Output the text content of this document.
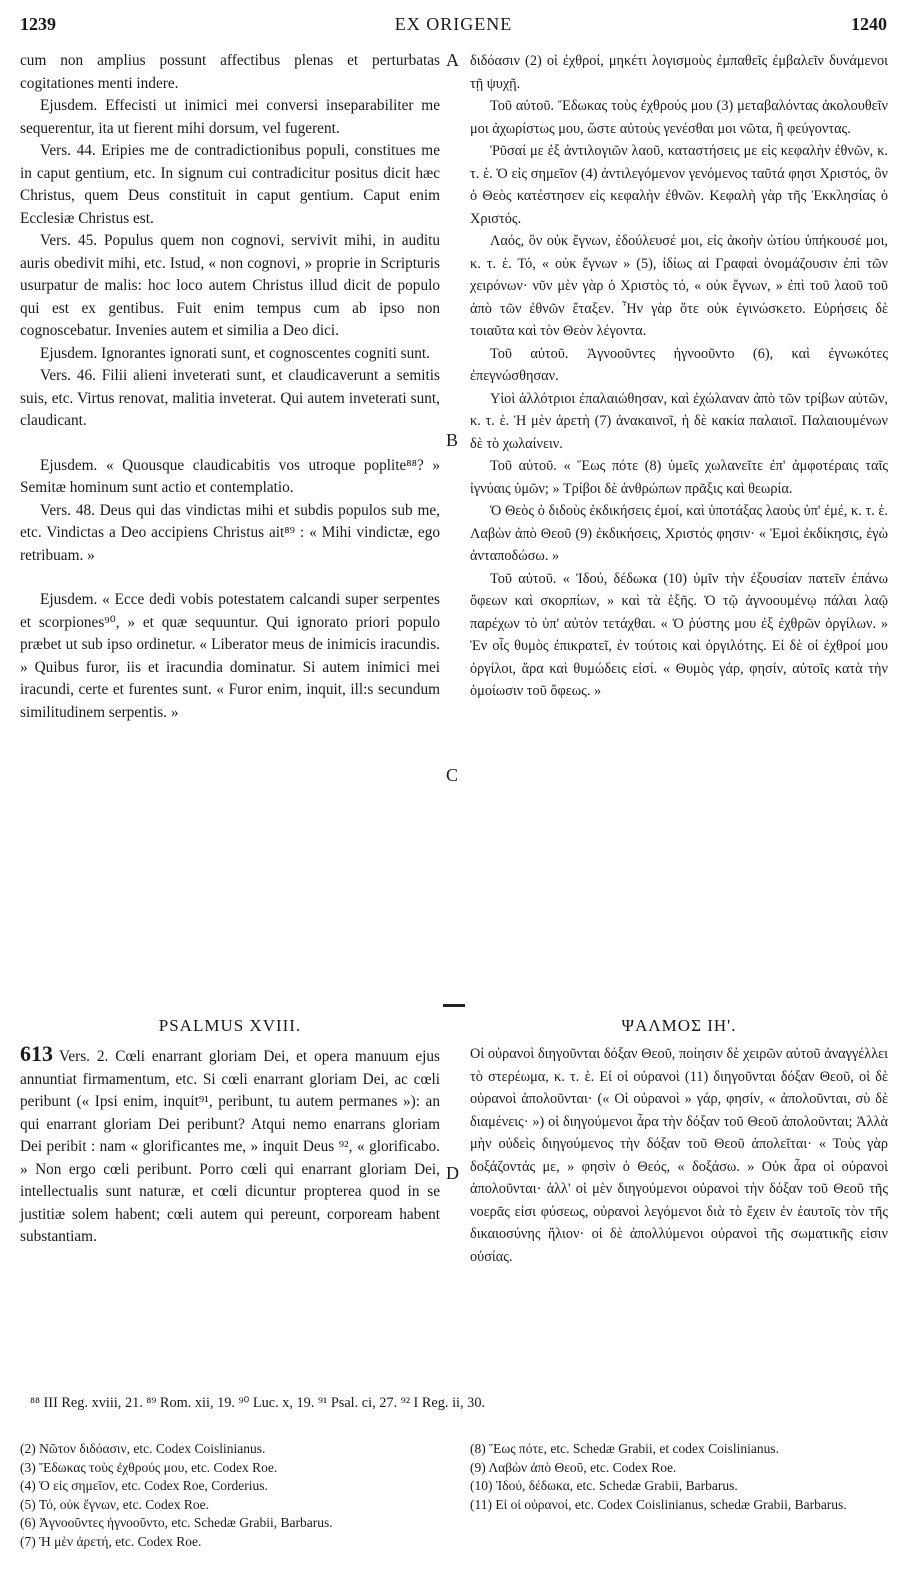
1239	EX ORIGENE	1240

cum non amplius possunt affectibus plenas et perturbatas cogitationes menti indere.

Ejusdem. Effecisti ut inimici mei conversi inseparabiliter me sequerentur, ita ut fierent mihi dorsum, vel fugerent.

Vers. 44. Eripies me de contradictionibus populi, constitues me in caput gentium, etc. In signum cui contradicitur positus dicit hæc Christus, quem Deus constituit in caput gentium. Caput enim Ecclesiæ Christus est.

Vers. 45. Populus quem non cognovi, servivit mihi, in auditu auris obedivit mihi, etc. Istud, « non cognovi, » proprie in Scripturis usurpatur de malis: hoc loco autem Christus illud dicit de populo qui est ex gentibus. Fuit enim tempus cum ab ipso non cognoscebatur. Invenies autem et similia a Deo dici.

Ejusdem. Ignorantes ignorati sunt, et cognoscentes cogniti sunt.

Vers. 46. Filii alieni inveterati sunt, et claudicaverunt a semitis suis, etc. Virtus renovat, malitia inveterat. Qui autem inveterati sunt, claudicant.

Ejusdem. « Quousque claudicabitis vos utroque poplite⁸⁸? » Semitæ hominum sunt actio et contemplatio.

Vers. 48. Deus qui das vindictas mihi et subdis populos sub me, etc. Vindictas a Deo accipiens Christus ait⁸⁹ : « Mihi vindictæ, ego retribuam. »

Ejusdem. « Ecce dedi vobis potestatem calcandi super serpentes et scorpiones⁹⁰, » et quæ sequuntur. Qui ignorato priori populo præbet ut sub ipso ordinetur. « Liberator meus de inimicis iracundis. » Quibus furor, iis et iracundia dominatur. Si autem inimici mei iracundi, certe et furentes sunt. « Furor enim, inquit, ill:s secundum similitudinem serpentis. »

διδόασιν (2) οἱ ἐχθροί, μηκέτι λογισμοὺς ἐμπαθεῖς ἐμβαλεῖν δυνάμενοι τῇ ψυχῇ.

Τοῦ αὐτοῦ. Ἔδωκας τοὺς ἐχθρούς μου (3) μεταβαλόντας ἀκολουθεῖν μοι ἀχωρίστως μου, ὥστε αὐτοὺς γενέσθαι μοι νῶτα, ἢ φεύγοντας.

Ῥῦσαί με ἐξ ἀντιλογιῶν λαοῦ, καταστήσεις με εἰς κεφαλὴν ἐθνῶν, κ. τ. ἑ. Ὁ εἰς σημεῖον (4) ἀντιλεγόμενον γενόμενος ταῦτά φησι Χριστός, ὃν ὁ Θεὸς κατέστησεν εἰς κεφαλὴν ἐθνῶν. Κεφαλὴ γὰρ τῆς Ἐκκλησίας ὁ Χριστός.

Λαός, ὃν οὐκ ἔγνων, ἐδούλευσέ μοι, εἰς ἀκοὴν ὠτίου ὑπήκουσέ μοι, κ. τ. ἑ. Τό, « οὐκ ἔγνων » (5), ἰδίως αἱ Γραφαὶ ὀνομάζουσιν ἐπὶ τῶν χειρόνων· νῦν μὲν γὰρ ὁ Χριστὸς τό, « οὐκ ἔγνων, » ἐπὶ τοῦ λαοῦ τοῦ ἀπὸ τῶν ἐθνῶν ἔταξεν. Ἦν γὰρ ὅτε οὐκ ἐγινώσκετο. Εὑρήσεις δὲ τοιαῦτα καὶ τὸν Θεὸν λέγοντα.

Τοῦ αὐτοῦ. Ἀγνοοῦντες ἠγνοοῦντο (6), καὶ ἐγνωκότες ἐπεγνώσθησαν.

Υἱοὶ ἀλλότριοι ἐπαλαιώθησαν, καὶ ἐχώλαναν ἀπὸ τῶν τρίβων αὐτῶν, κ. τ. ἑ. Ἡ μὲν ἀρετὴ (7) ἀνακαινοῖ, ἡ δὲ κακία παλαιοῖ. Παλαιουμένων δὲ τὸ χωλαίνειν.

Τοῦ αὐτοῦ. « Ἕως πότε (8) ὑμεῖς χωλανεῖτε ἐπ' ἀμφοτέραις ταῖς ἰγνύαις ὑμῶν; » Τρίβοι δὲ ἀνθρώπων πρᾶξις καὶ θεωρία.

Ὁ Θεὸς ὁ διδοὺς ἐκδικήσεις ἐμοί, καὶ ὑποτάξας λαοὺς ὑπ' ἐμέ, κ. τ. ἑ. Λαβὼν ἀπὸ Θεοῦ (9) ἐκδικήσεις, Χριστός φησιν· « Ἐμοὶ ἐκδίκησις, ἐγὼ ἀνταποδώσω. »

Τοῦ αὐτοῦ. « Ἰδού, δέδωκα (10) ὑμῖν τὴν ἐξουσίαν πατεῖν ἐπάνω ὄφεων καὶ σκορπίων, » καὶ τὰ ἑξῆς. Ὁ τῷ ἀγνοουμένῳ πάλαι λαῷ παρέχων τὸ ὑπ' αὐτὸν τετάχθαι. « Ὁ ῥύστης μου ἐξ ἐχθρῶν ὀργίλων. » Ἐν οἷς θυμὸς ἐπικρατεῖ, ἐν τούτοις καὶ ὀργιλότης. Εἰ δὲ οἱ ἐχθροί μου ὀργίλοι, ἄρα καὶ θυμώδεις εἰσί. « Θυμὸς γάρ, φησίν, αὐτοῖς κατὰ τὴν ὁμοίωσιν τοῦ ὄφεως. »

A
B
C
D
PSALMUS XVIII.	ΨΑΛΜΟΣ ΙΗ'.

613 Vers. 2. Cœli enarrant gloriam Dei, et opera manuum ejus annuntiat firmamentum, etc. Si cœli enarrant gloriam Dei, ac cœli peribunt (« Ipsi enim, inquit⁹¹, peribunt, tu autem permanes »): an qui enarrant gloriam Dei peribunt? Atqui nemo enarrans gloriam Dei peribit : nam « glorificantes me, » inquit Deus ⁹², « glorificabo. » Non ergo cœli peribunt. Porro cœli qui enarrant gloriam Dei, intellectualis sunt naturæ, et cœli dicuntur propterea quod in se justitiæ solem habent; cœli autem qui pereunt, corpoream habent substantiam.

Οἱ οὐρανοὶ διηγοῦνται δόξαν Θεοῦ, ποίησιν δὲ χειρῶν αὐτοῦ ἀναγγέλλει τὸ στερέωμα, κ. τ. ἑ. Εἰ οἱ οὐρανοὶ (11) διηγοῦνται δόξαν Θεοῦ, οἱ δὲ οὐρανοὶ ἀπολοῦνται· (« Οἱ οὐρανοὶ » γάρ, φησίν, « ἀπολοῦνται, σὺ δὲ διαμένεις· ») οἱ διηγούμενοι ἆρα τὴν δόξαν τοῦ Θεοῦ ἀπολοῦνται; Ἀλλὰ μὴν οὐδεὶς διηγούμενος τὴν δόξαν τοῦ Θεοῦ ἀπολεῖται· « Τοὺς γὰρ δοξάζοντάς με, » φησὶν ὁ Θεός, « δοξάσω. » Οὐκ ἆρα οἱ οὐρανοὶ ἀπολοῦνται· ἀλλ' οἱ μὲν διηγούμενοι οὐρανοὶ τὴν δόξαν τοῦ Θεοῦ τῆς νοερᾶς εἰσι φύσεως, οὐρανοὶ λεγόμενοι διὰ τὸ ἔχειν ἐν ἑαυτοῖς τὸν τῆς δικαιοσύνης ἥλιον· οἱ δὲ ἀπολλύμενοι οὐρανοὶ τῆς σωματικῆς εἰσιν οὐσίας.

⁸⁸ III Reg. xviii, 21. ⁸⁹ Rom. xii, 19. ⁹⁰ Luc. x, 19. ⁹¹ Psal. ci, 27. ⁹² I Reg. ii, 30.
(2) Νῶτον διδόασιν, etc. Codex Coislinianus.
(3) Ἔδωκας τοὺς ἐχθρούς μου, etc. Codex Roe.
(4) Ὁ εἰς σημεῖον, etc. Codex Roe, Corderius.
(5) Τό, οὐκ ἔγνων, etc. Codex Roe.
(6) Ἀγνοοῦντες ἠγνοοῦντο, etc. Schedæ Grabii, Barbarus.
(7) Ἡ μὲν ἀρετή, etc. Codex Roe.
(8) Ἕως πότε, etc. Schedæ Grabii, et codex Coislinianus.
(9) Λαβὼν ἀπὸ Θεοῦ, etc. Codex Roe.
(10) Ἰδού, δέδωκα, etc. Schedæ Grabii, Barbarus.
(11) Εἰ οἱ οὐρανοί, etc. Codex Coislinianus, schedæ Grabii, Barbarus.
